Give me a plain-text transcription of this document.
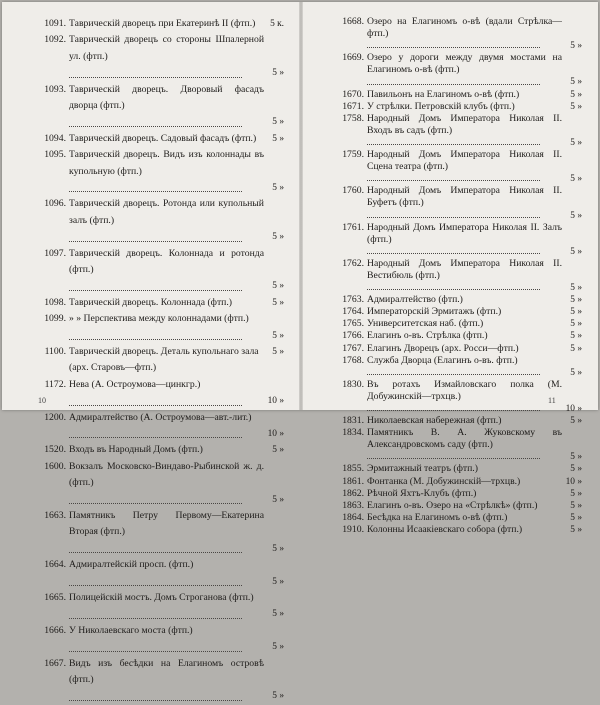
1091. Таврическій дворецъ при Екатеринѣ II (фтп.)	5 к.
1092. Таврическій дворецъ со стороны Шпалерной ул. (фтп.)
5 »
1093. Таврическій дворецъ. Дворовый фасадъ дворца (фтп.)
5 »
1094. Таврическій дворецъ. Садовый фасадъ (фтп.)	5 »
1095. Таврическій дворецъ. Видъ изъ колоннады въ купольную (фтп.)
5 »
1096. Таврическій дворецъ. Ротонда или купольный залъ (фтп.)
5 »
1097. Таврическій дворецъ. Колоннада и ротонда (фтп.)
5 »
1098. Таврическій дворецъ. Колоннада (фтп.)	5 »
1099. » » Перспектива между колоннадами (фтп.)
5 »
1100. Таврическій дворецъ. Деталь купольнаго зала (арх. Старовъ—фтп.)
5 »
1172. Нева (А. Остроумова—цинкгр.)
10 »
1200. Адмиралтейство (А. Остроумова—авт.-лит.)
10 »
1520. Входъ въ Народный Домъ (фтп.)	5 »
1600. Вокзалъ Московско-Виндаво-Рыбинской ж. д. (фтп.)
5 »
1663. Памятникъ Петру Первому—Екатерина Вторая (фтп.)
5 »
1664. Адмиралтейскій просп. (фтп.)
5 »
1665. Полицейскій мостъ. Домъ Строганова (фтп.)
5 »
1666. У Николаевскаго моста (фтп.)
5 »
1667. Видъ изъ бесѣдки на Елагиномъ островѣ (фтп.)
5 »
1668. Озеро на Елагиномъ о-вѣ (вдали Стрѣлка—фтп.)
5 »
1669. Озеро у дороги между двумя мостами на Елагиномъ о-вѣ (фтп.)
5 »
1670. Павильонъ на Елагиномъ о-вѣ (фтп.)	5 »
1671. У стрѣлки. Петровскій клубъ (фтп.)	5 »
1758. Народный Домъ Императора Николая II. Входъ въ садъ (фтп.)
5 »
1759. Народный Домъ Императора Николая II. Сцена театра (фтп.)
5 »
1760. Народный Домъ Императора Николая II. Буфетъ (фтп.)
5 »
1761. Народный Домъ Императора Николая II. Залъ (фтп.)
5 »
1762. Народный Домъ Императора Николая II. Вестибюль (фтп.)
5 »
1763. Адмиралтейство (фтп.)	5 »
1764. Императорскій Эрмитажъ (фтп.)	5 »
1765. Университетская наб. (фтп.)	5 »
1766. Елагинъ о-въ. Стрѣлка (фтп.)	5 »
1767. Елагинъ Дворецъ (арх. Росси—фтп.)	5 »
1768. Служба Дворца (Елагинъ о-въ. фтп.)
5 »
1830. Въ ротахъ Измайловскаго полка (М. Добужинскій—трхцв.)
10 »
1831. Николаевская набережная (фтп.)	5 »
1834. Памятникъ В. А. Жуковскому въ Александровскомъ саду (фтп.)
5 »
1855. Эрмитажный театръ (фтп.)	5 »
1861. Фонтанка (М. Добужинскій—трхцв.)	10 »
1862. Рѣчной Яхтъ-Клубъ (фтп.)	5 »
1863. Елагинъ о-въ. Озеро на «Стрѣлкѣ» (фтп.)	5 »
1864. Бесѣдка на Елагиномъ о-вѣ (фтп.)	5 »
1910. Колонны Исаакіевскаго собора (фтп.)	5 »
10	11
